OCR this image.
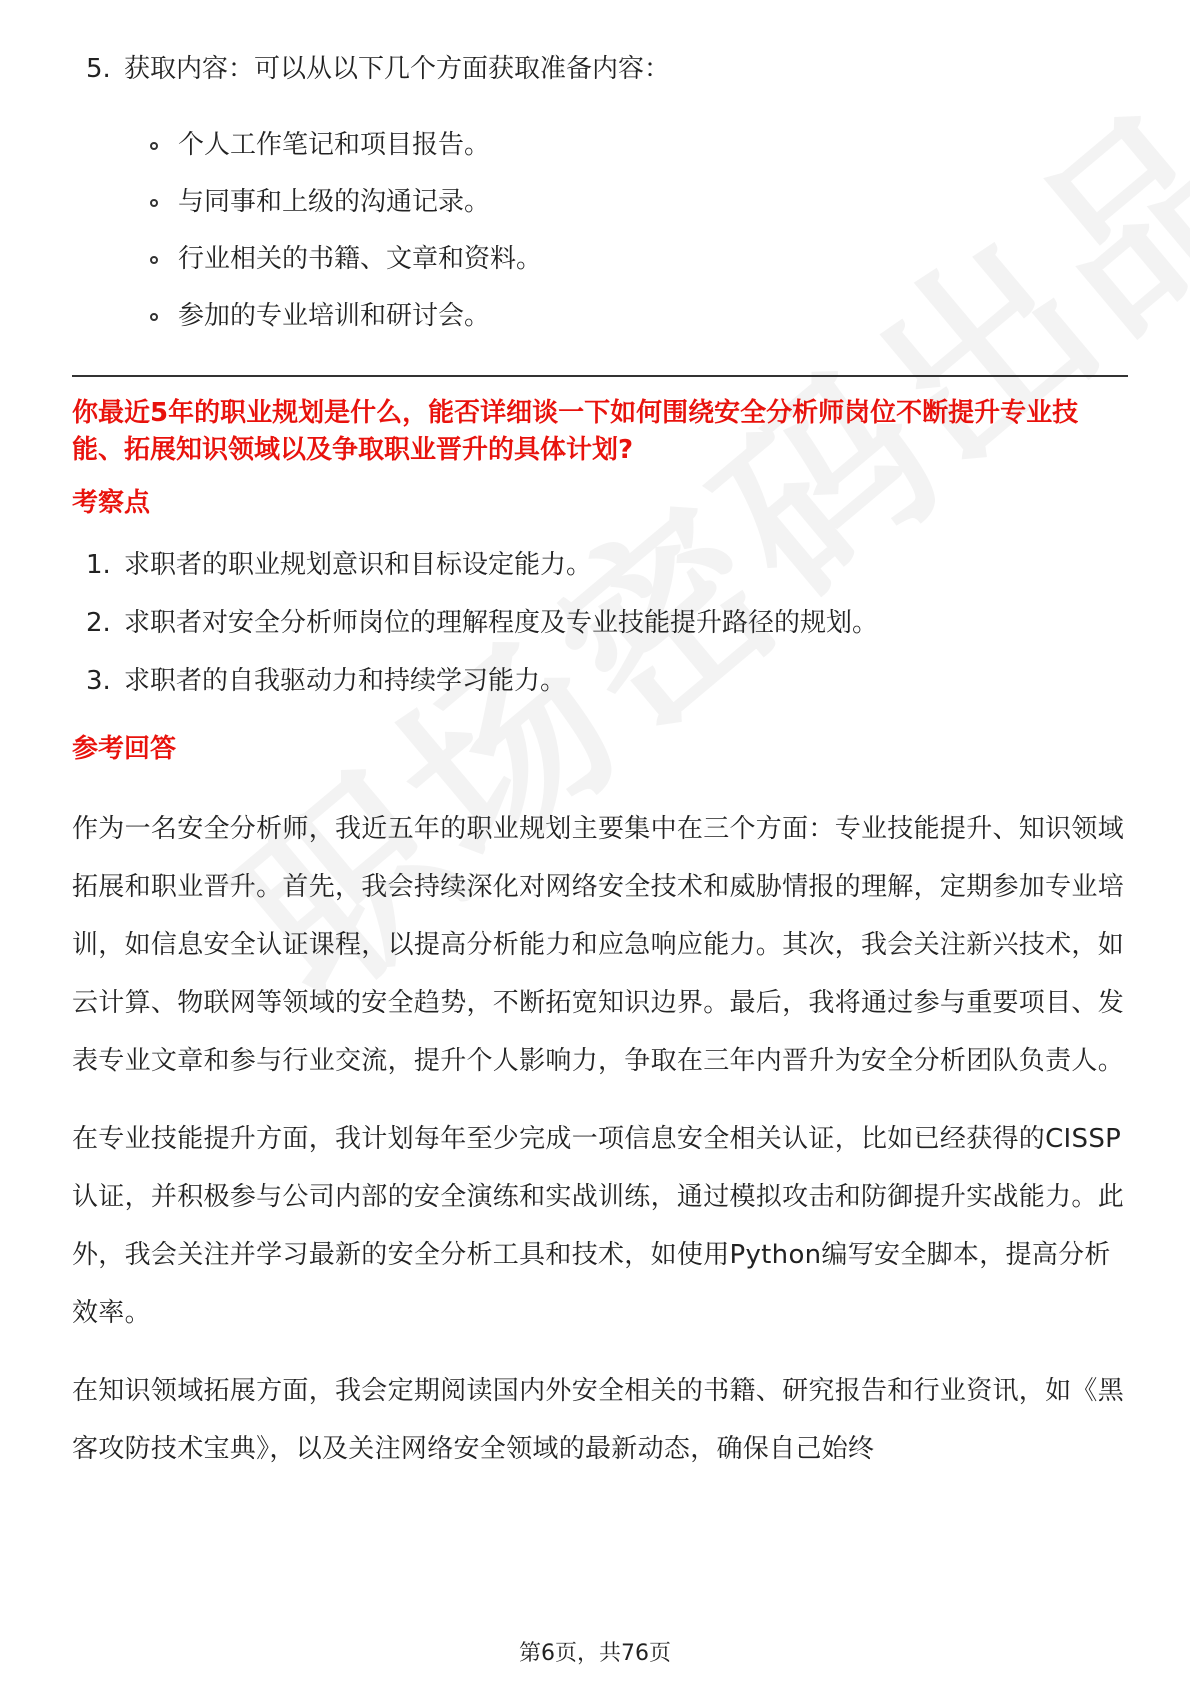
5. 获取内容：可以从以下几个方面获取准备内容：
个人工作笔记和项目报告。
与同事和上级的沟通记录。
行业相关的书籍、文章和资料。
参加的专业培训和研讨会。
你最近5年的职业规划是什么，能否详细谈一下如何围绕安全分析师岗位不断提升专业技能、拓展知识领域以及争取职业晋升的具体计划?
考察点
1. 求职者的职业规划意识和目标设定能力。
2. 求职者对安全分析师岗位的理解程度及专业技能提升路径的规划。
3. 求职者的自我驱动力和持续学习能力。
参考回答
作为一名安全分析师，我近五年的职业规划主要集中在三个方面：专业技能提升、知识领域拓展和职业晋升。首先，我会持续深化对网络安全技术和威胁情报的理解，定期参加专业培训，如信息安全认证课程，以提高分析能力和应急响应能力。其次，我会关注新兴技术，如云计算、物联网等领域的安全趋势，不断拓宽知识边界。最后，我将通过参与重要项目、发表专业文章和参与行业交流，提升个人影响力，争取在三年内晋升为安全分析团队负责人。
在专业技能提升方面，我计划每年至少完成一项信息安全相关认证，比如已经获得的CISSP认证，并积极参与公司内部的安全演练和实战训练，通过模拟攻击和防御提升实战能力。此外，我会关注并学习最新的安全分析工具和技术，如使用Python编写安全脚本，提高分析效率。
在知识领域拓展方面，我会定期阅读国内外安全相关的书籍、研究报告和行业资讯，如《黑客攻防技术宝典》，以及关注网络安全领域的最新动态，确保自己始终
第6页，共76页
